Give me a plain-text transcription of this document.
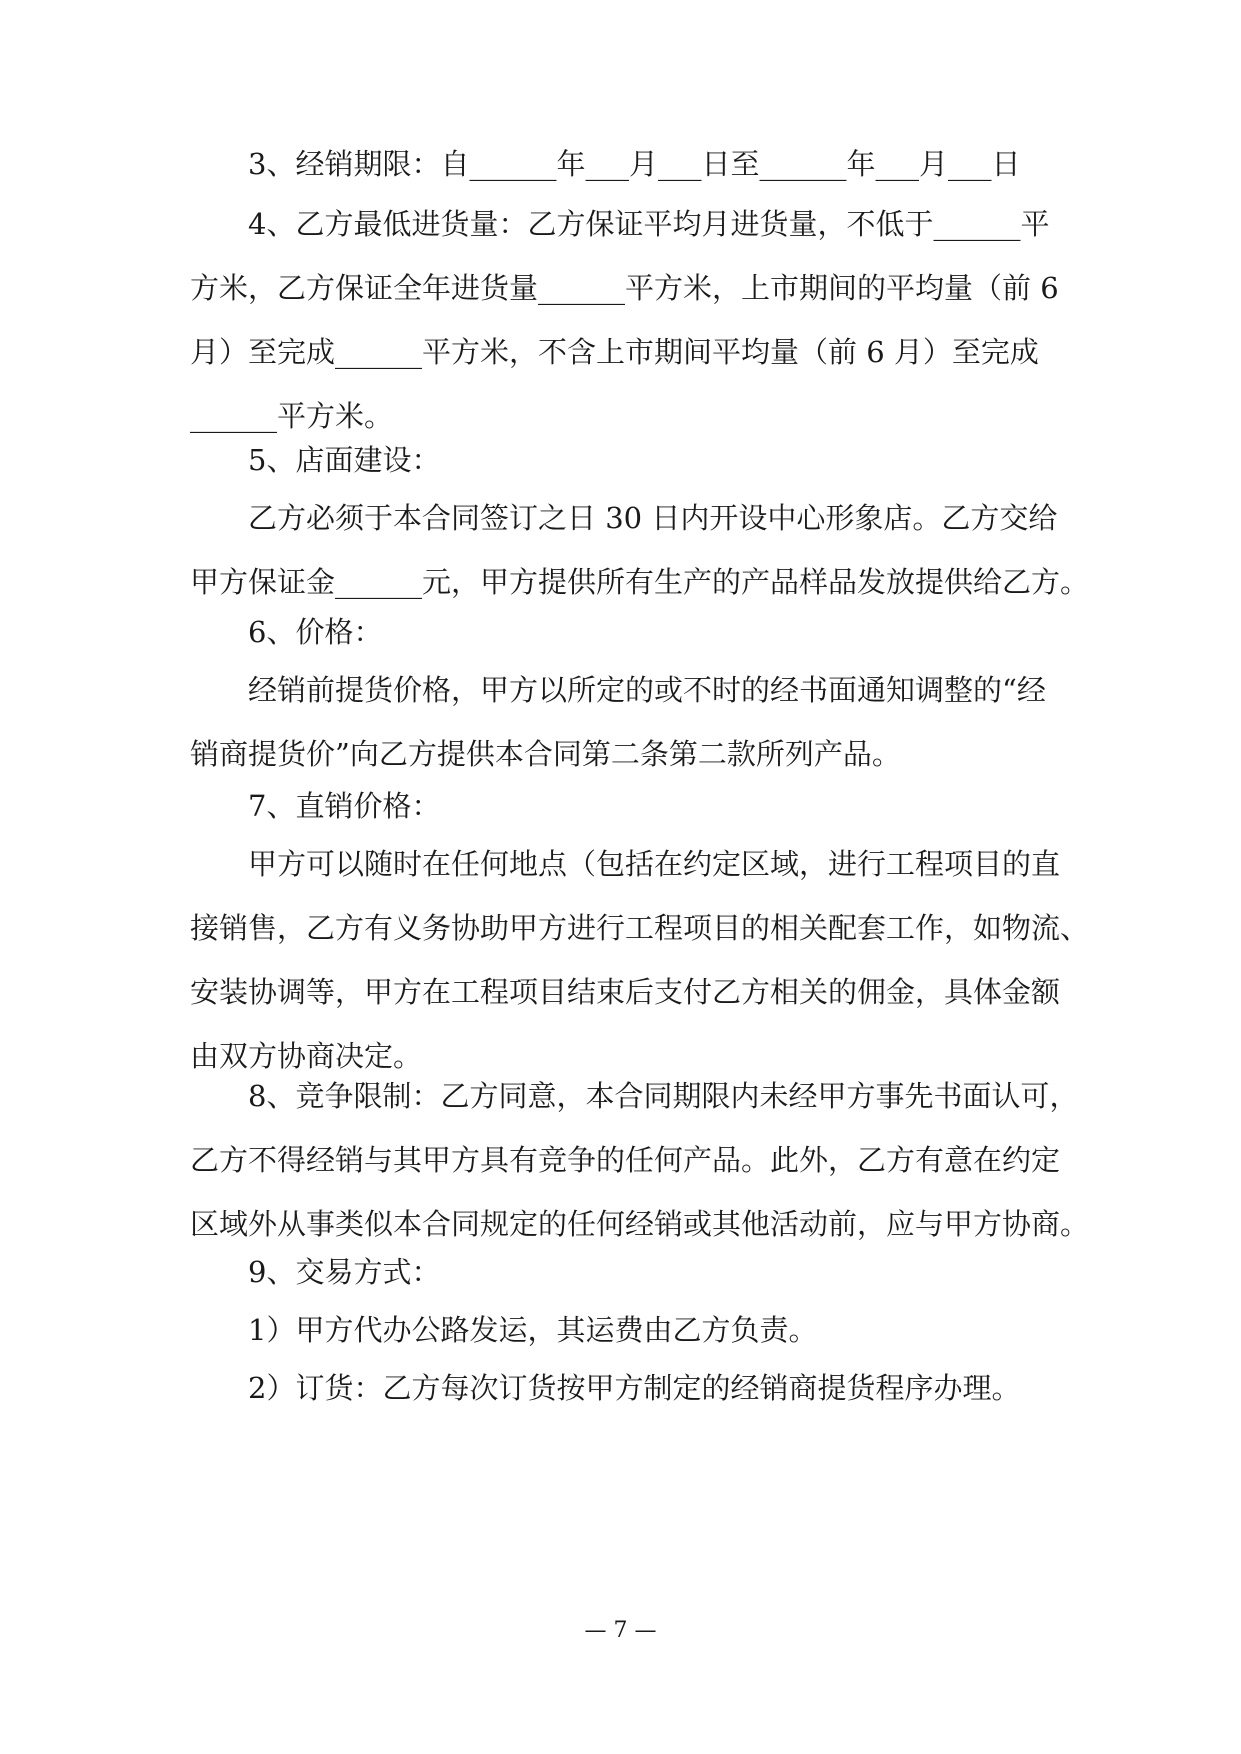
3、经销期限：自______年___月___日至______年___月___日

4、乙方最低进货量：乙方保证平均月进货量，不低于______平
方米，乙方保证全年进货量______平方米，上市期间的平均量（前 6
月）至完成______平方米，不含上市期间平均量（前 6 月）至完成
______平方米。

5、店面建设：

乙方必须于本合同签订之日 30 日内开设中心形象店。乙方交给
甲方保证金______元，甲方提供所有生产的产品样品发放提供给乙方。

6、价格：

经销前提货价格，甲方以所定的或不时的经书面通知调整的“经
销商提货价”向乙方提供本合同第二条第二款所列产品。

7、直销价格：

甲方可以随时在任何地点（包括在约定区域，进行工程项目的直
接销售，乙方有义务协助甲方进行工程项目的相关配套工作，如物流、
安装协调等，甲方在工程项目结束后支付乙方相关的佣金，具体金额
由双方协商决定。

8、竞争限制：乙方同意，本合同期限内未经甲方事先书面认可，
乙方不得经销与其甲方具有竞争的任何产品。此外，乙方有意在约定
区域外从事类似本合同规定的任何经销或其他活动前，应与甲方协商。

9、交易方式：

1）甲方代办公路发运，其运费由乙方负责。

2）订货：乙方每次订货按甲方制定的经销商提货程序办理。

— 7 —
